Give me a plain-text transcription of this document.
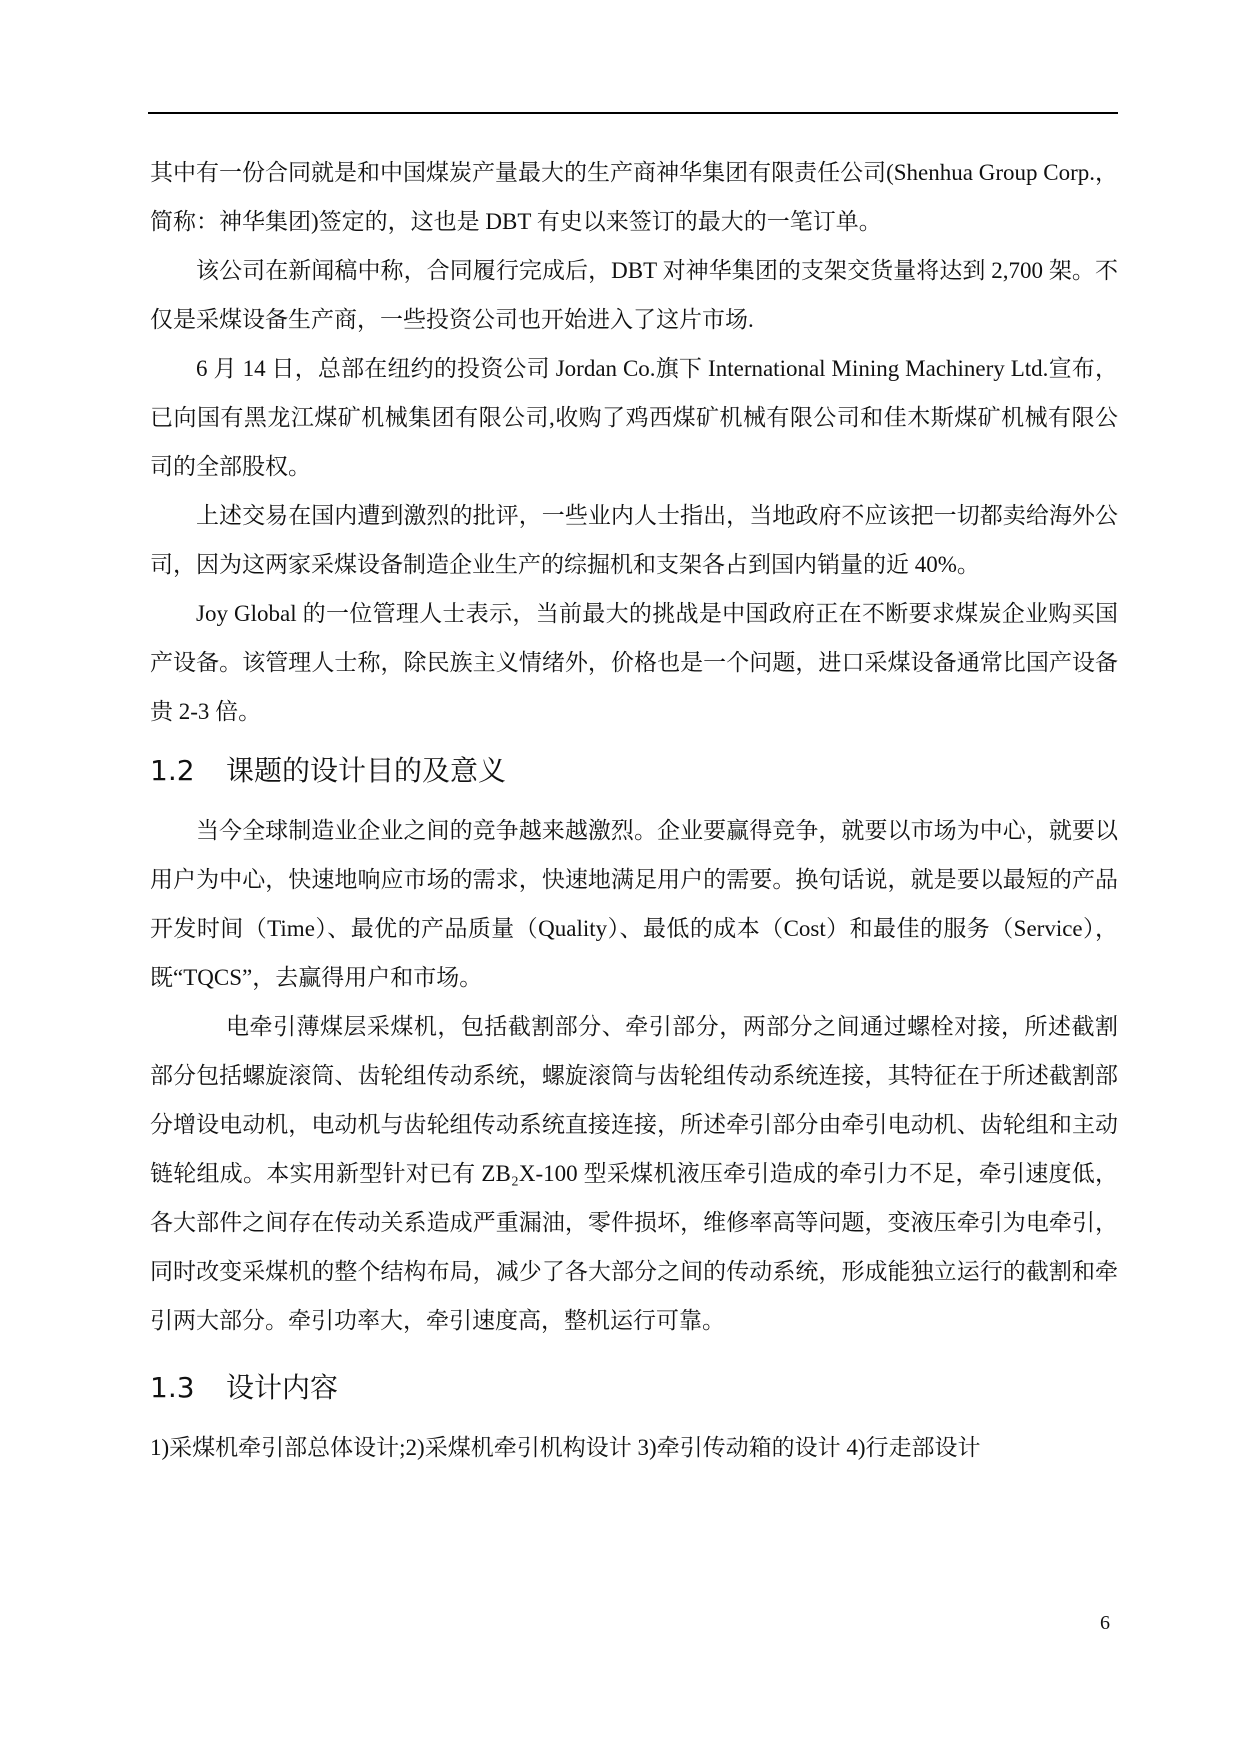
其中有一份合同就是和中国煤炭产量最大的生产商神华集团有限责任公司(Shenhua Group Corp.，简称：神华集团)签定的，这也是 DBT 有史以来签订的最大的一笔订单。

该公司在新闻稿中称，合同履行完成后，DBT 对神华集团的支架交货量将达到 2,700 架。不仅是采煤设备生产商，一些投资公司也开始进入了这片市场.

6 月 14 日，总部在纽约的投资公司 Jordan Co.旗下 International Mining Machinery Ltd.宣布，已向国有黑龙江煤矿机械集团有限公司,收购了鸡西煤矿机械有限公司和佳木斯煤矿机械有限公司的全部股权。

上述交易在国内遭到激烈的批评，一些业内人士指出，当地政府不应该把一切都卖给海外公司，因为这两家采煤设备制造企业生产的综掘机和支架各占到国内销量的近 40%。

Joy Global 的一位管理人士表示，当前最大的挑战是中国政府正在不断要求煤炭企业购买国产设备。该管理人士称，除民族主义情绪外，价格也是一个问题，进口采煤设备通常比国产设备贵 2-3 倍。

1.2 课题的设计目的及意义

当今全球制造业企业之间的竞争越来越激烈。企业要赢得竞争，就要以市场为中心，就要以用户为中心，快速地响应市场的需求，快速地满足用户的需要。换句话说，就是要以最短的产品开发时间（Time）、最优的产品质量（Quality）、最低的成本（Cost）和最佳的服务（Service），既“TQCS”，去赢得用户和市场。

电牵引薄煤层采煤机，包括截割部分、牵引部分，两部分之间通过螺栓对接，所述截割部分包括螺旋滚筒、齿轮组传动系统，螺旋滚筒与齿轮组传动系统连接，其特征在于所述截割部分增设电动机，电动机与齿轮组传动系统直接连接，所述牵引部分由牵引电动机、齿轮组和主动链轮组成。本实用新型针对已有 ZB₂X-100 型采煤机液压牵引造成的牵引力不足，牵引速度低，各大部件之间存在传动关系造成严重漏油，零件损坏，维修率高等问题，变液压牵引为电牵引，同时改变采煤机的整个结构布局，减少了各大部分之间的传动系统，形成能独立运行的截割和牵引两大部分。牵引功率大，牵引速度高，整机运行可靠。

1.3 设计内容

1)采煤机牵引部总体设计;2)采煤机牵引机构设计 3)牵引传动箱的设计 4)行走部设计

6
